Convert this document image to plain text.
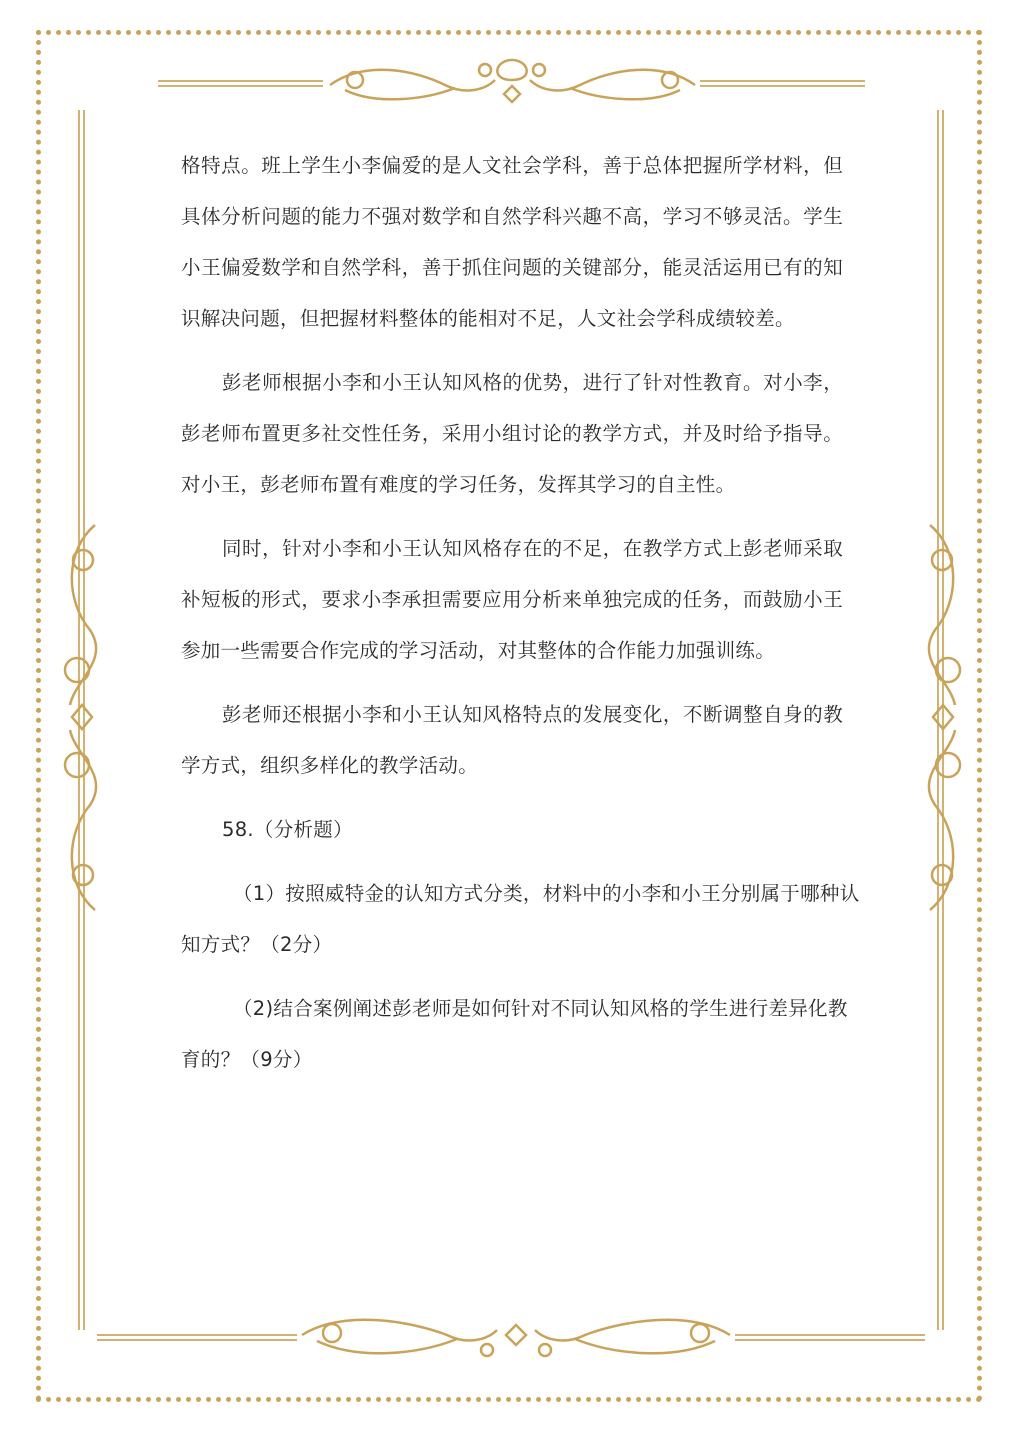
格特点。班上学生小李偏爱的是人文社会学科，善于总体把握所学材料，但
具体分析问题的能力不强对数学和自然学科兴趣不高，学习不够灵活。学生
小王偏爱数学和自然学科，善于抓住问题的关键部分，能灵活运用已有的知
识解决问题，但把握材料整体的能相对不足，人文社会学科成绩较差。
彭老师根据小李和小王认知风格的优势，进行了针对性教育。对小李，
彭老师布置更多社交性任务，采用小组讨论的教学方式，并及时给予指导。
对小王，彭老师布置有难度的学习任务，发挥其学习的自主性。
同时，针对小李和小王认知风格存在的不足，在教学方式上彭老师采取
补短板的形式，要求小李承担需要应用分析来单独完成的任务，而鼓励小王
参加一些需要合作完成的学习活动，对其整体的合作能力加强训练。
彭老师还根据小李和小王认知风格特点的发展变化，不断调整自身的教
学方式，组织多样化的教学活动。
58.（分析题）
（1）按照威特金的认知方式分类，材料中的小李和小王分别属于哪种认
知方式？（2分）
（2)结合案例阐述彭老师是如何针对不同认知风格的学生进行差异化教
育的？（9分）
